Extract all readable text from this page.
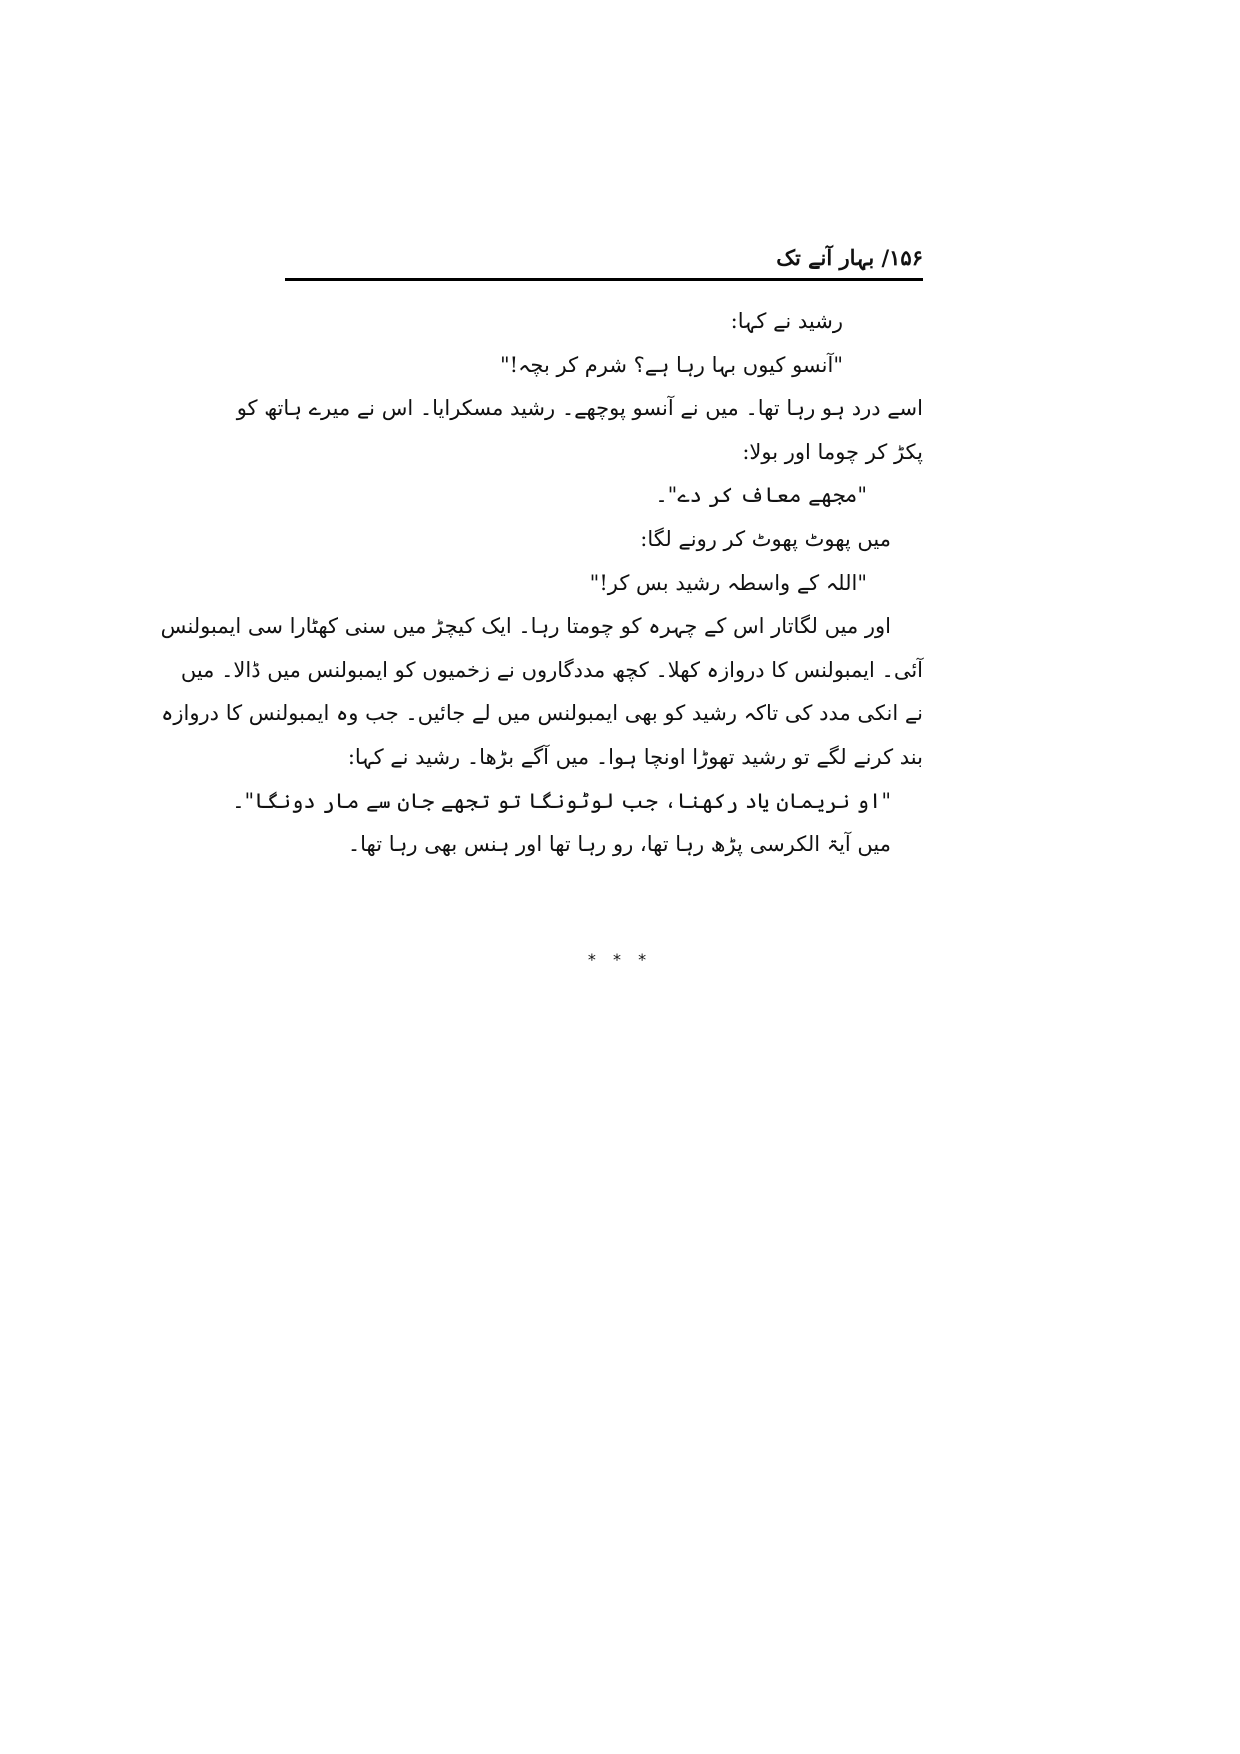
۱۵۶/ بہار آنے تک
رشید نے کہا:
"آنسو کیوں بہا رہا ہے؟ شرم کر بچہ!"
اسے درد ہو رہا تھا۔ میں نے آنسو پوچھے۔ رشید مسکرایا۔ اس نے میرے ہاتھ کو
پکڑ کر چوما اور بولا:
"مجھے معاف کر دے"۔
میں پھوٹ پھوٹ کر رونے لگا:
"اللہ کے واسطہ رشید بس کر!"
اور میں لگاتار اس کے چہرہ کو چومتا رہا۔ ایک کیچڑ میں سنی کھٹارا سی ایمبولنس
آئی۔ ایمبولنس کا دروازہ کھلا۔ کچھ مددگاروں نے زخمیوں کو ایمبولنس میں ڈالا۔ میں
نے انکی مدد کی تاکہ رشید کو بھی ایمبولنس میں لے جائیں۔ جب وہ ایمبولنس کا دروازہ
بند کرنے لگے تو رشید تھوڑا اونچا ہوا۔ میں آگے بڑھا۔ رشید نے کہا:
"او نریمان یاد رکھنا، جب لوٹونگا تو تجھے جان سے مار دونگا"۔
میں آیۃ الکرسی پڑھ رہا تھا، رو رہا تھا اور ہنس بھی رہا تھا۔
* * *
